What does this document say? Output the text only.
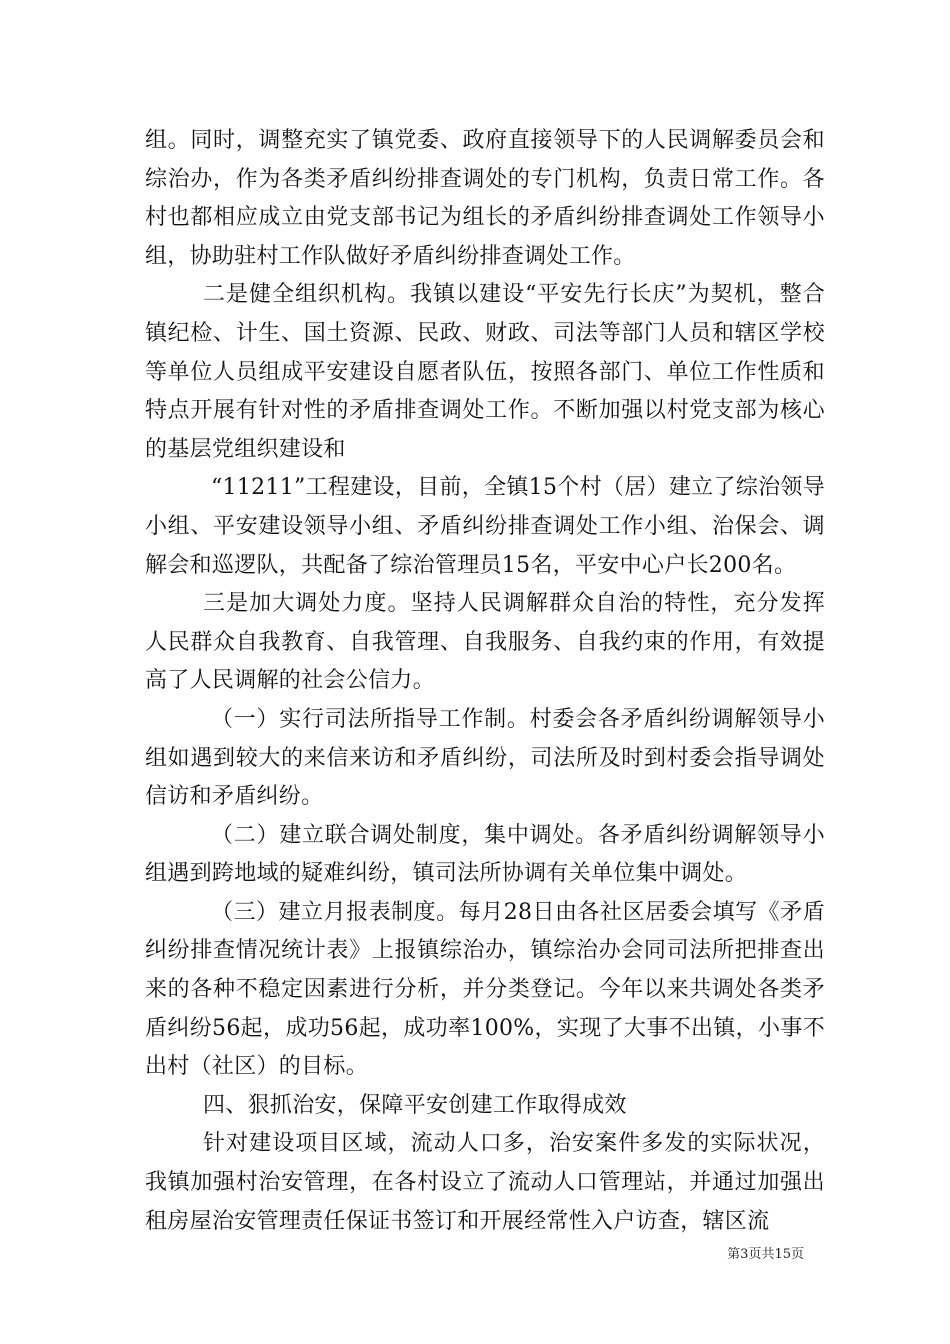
组。同时，调整充实了镇党委、政府直接领导下的人民调解委员会和综治办，作为各类矛盾纠纷排查调处的专门机构，负责日常工作。各村也都相应成立由党支部书记为组长的矛盾纠纷排查调处工作领导小组，协助驻村工作队做好矛盾纠纷排查调处工作。

二是健全组织机构。我镇以建设“平安先行长庆”为契机，整合镇纪检、计生、国土资源、民政、财政、司法等部门人员和辖区学校等单位人员组成平安建设自愿者队伍，按照各部门、单位工作性质和特点开展有针对性的矛盾排查调处工作。不断加强以村党支部为核心的基层党组织建设和

“11211”工程建设，目前，全镇15个村（居）建立了综治领导小组、平安建设领导小组、矛盾纠纷排查调处工作小组、治保会、调解会和巡逻队，共配备了综治管理员15名，平安中心户长200名。

三是加大调处力度。坚持人民调解群众自治的特性，充分发挥人民群众自我教育、自我管理、自我服务、自我约束的作用，有效提高了人民调解的社会公信力。

（一）实行司法所指导工作制。村委会各矛盾纠纷调解领导小组如遇到较大的来信来访和矛盾纠纷，司法所及时到村委会指导调处信访和矛盾纠纷。

（二）建立联合调处制度，集中调处。各矛盾纠纷调解领导小组遇到跨地域的疑难纠纷，镇司法所协调有关单位集中调处。

（三）建立月报表制度。每月28日由各社区居委会填写《矛盾纠纷排查情况统计表》上报镇综治办，镇综治办会同司法所把排查出来的各种不稳定因素进行分析，并分类登记。今年以来共调处各类矛盾纠纷56起，成功56起，成功率100%，实现了大事不出镇，小事不出村（社区）的目标。

四、狠抓治安，保障平安创建工作取得成效

针对建设项目区域，流动人口多，治安案件多发的实际状况，我镇加强村治安管理，在各村设立了流动人口管理站，并通过加强出租房屋治安管理责任保证书签订和开展经常性入户访查，辖区流

第3页共15页
